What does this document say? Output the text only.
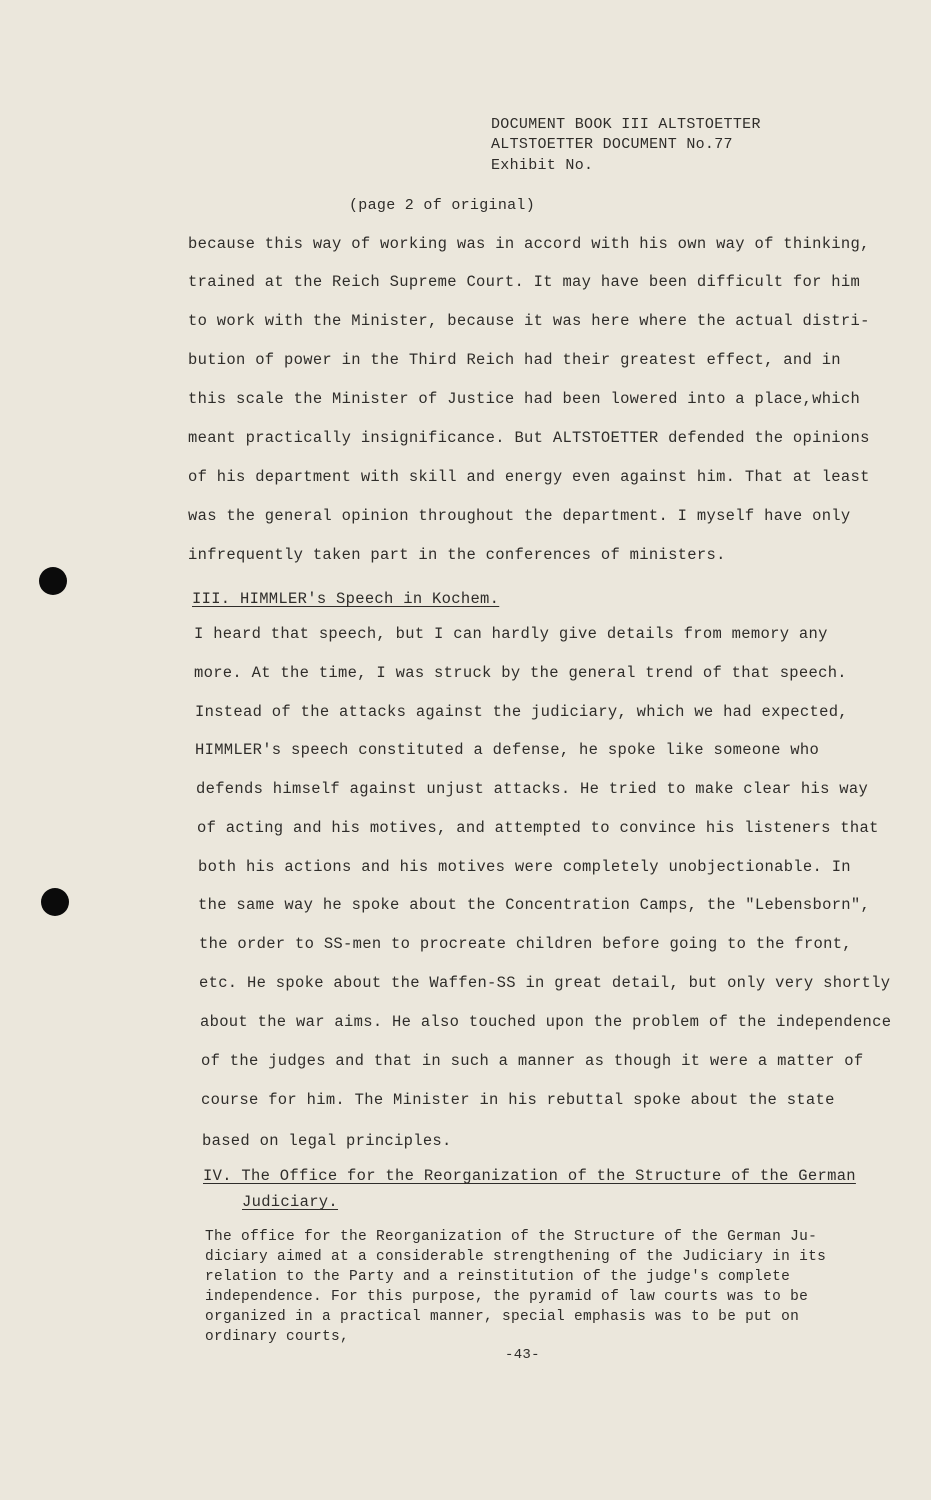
DOCUMENT BOOK III ALTSTOETTER
ALTSTOETTER DOCUMENT No.77
Exhibit No.
(page 2 of original)
because this way of working was in accord with his own way of thinking,
trained at the Reich Supreme Court. It may have been difficult for him
to work with the Minister, because it was here where the actual distri-
bution of power in the Third Reich had their greatest effect, and in
this scale the Minister of Justice had been lowered into a place,which
meant practically insignificance. But ALTSTOETTER defended the opinions
of his department with skill and energy even against him. That at least
was the general opinion throughout the department. I myself have only
infrequently taken part in the conferences of ministers.
III. HIMMLER's Speech in Kochem.
I heard that speech, but I can hardly give details from memory any
more. At the time, I was struck by the general trend of that speech.
Instead of the attacks against the judiciary, which we had expected,
HIMMLER's speech constituted a defense, he spoke like someone who
defends himself against unjust attacks. He tried to make clear his way
of acting and his motives, and attempted to convince his listeners that
both his actions and his motives were completely unobjectionable. In
the same way he spoke about the Concentration Camps, the "Lebensborn",
the order to SS-men to procreate children before going to the front,
etc. He spoke about the Waffen-SS in great detail, but only very shortly
about the war aims. He also touched upon the problem of the independence
of the judges and that in such a manner as though it were a matter of
course for him. The Minister in his rebuttal spoke about the state
based on legal principles.
IV. The Office for the Reorganization of the Structure of the German
Judiciary.
The office for the Reorganization of the Structure of the German Ju-
diciary aimed at a considerable strengthening of the Judiciary in its
relation to the Party and a reinstitution of the judge's complete
independence. For this purpose, the pyramid of law courts was to be
organized in a practical manner, special emphasis was to be put on
ordinary courts,
-43-
